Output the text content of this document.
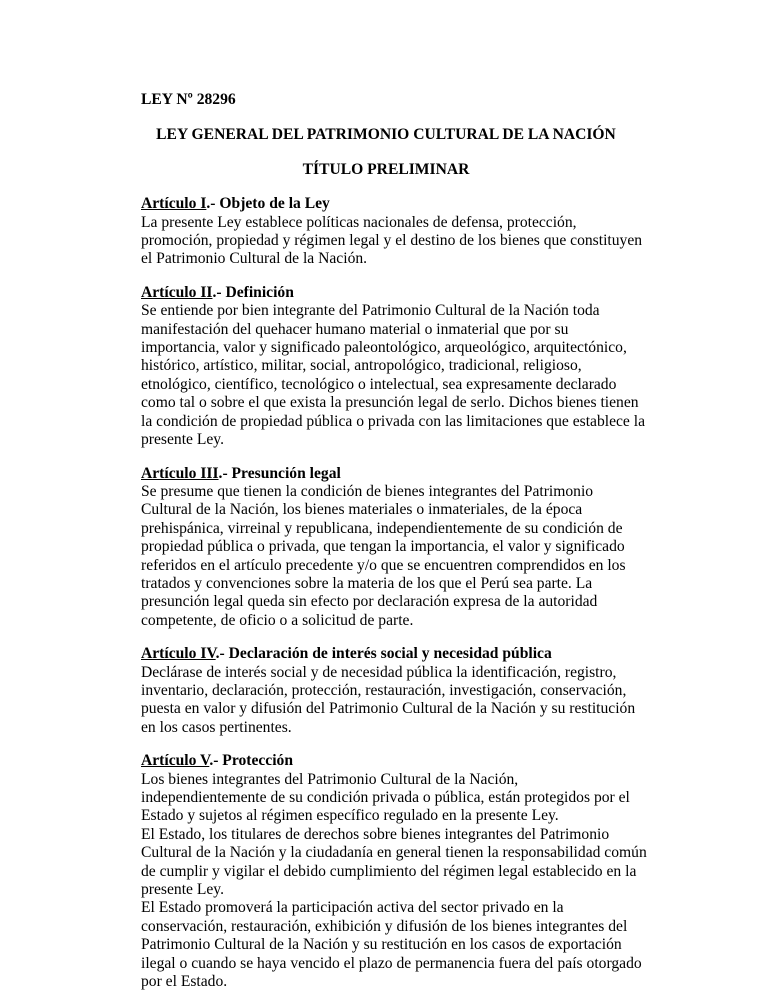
LEY Nº 28296
LEY GENERAL DEL PATRIMONIO CULTURAL DE LA NACIÓN
TÍTULO PRELIMINAR
Artículo I.- Objeto de la Ley
La presente Ley establece políticas nacionales de defensa, protección,
promoción, propiedad y régimen legal y el destino de los bienes que constituyen
el Patrimonio Cultural de la Nación.
Artículo II.- Definición
Se entiende por bien integrante del Patrimonio Cultural de la Nación toda
manifestación del quehacer humano material o inmaterial que por su
importancia, valor y significado paleontológico, arqueológico, arquitectónico,
histórico, artístico, militar, social, antropológico, tradicional, religioso,
etnológico, científico, tecnológico o intelectual, sea expresamente declarado
como tal o sobre el que exista la presunción legal de serlo. Dichos bienes tienen
la condición de propiedad pública o privada con las limitaciones que establece la
presente Ley.
Artículo III.- Presunción legal
Se presume que tienen la condición de bienes integrantes del Patrimonio
Cultural de la Nación, los bienes materiales o inmateriales, de la época
prehispánica, virreinal y republicana, independientemente de su condición de
propiedad pública o privada, que tengan la importancia, el valor y significado
referidos en el artículo precedente y/o que se encuentren comprendidos en los
tratados y convenciones sobre la materia de los que el Perú sea parte. La
presunción legal queda sin efecto por declaración expresa de la autoridad
competente, de oficio o a solicitud de parte.
Artículo IV.- Declaración de interés social y necesidad pública
Declárase de interés social y de necesidad pública la identificación, registro,
inventario, declaración, protección, restauración, investigación, conservación,
puesta en valor y difusión del Patrimonio Cultural de la Nación y su restitución
en los casos pertinentes.
Artículo V.- Protección
Los bienes integrantes del Patrimonio Cultural de la Nación,
independientemente de su condición privada o pública, están protegidos por el
Estado y sujetos al régimen específico regulado en la presente Ley.
El Estado, los titulares de derechos sobre bienes integrantes del Patrimonio
Cultural de la Nación y la ciudadanía en general tienen la responsabilidad común
de cumplir y vigilar el debido cumplimiento del régimen legal establecido en la
presente Ley.
El Estado promoverá la participación activa del sector privado en la
conservación, restauración, exhibición y difusión de los bienes integrantes del
Patrimonio Cultural de la Nación y su restitución en los casos de exportación
ilegal o cuando se haya vencido el plazo de permanencia fuera del país otorgado
por el Estado.
